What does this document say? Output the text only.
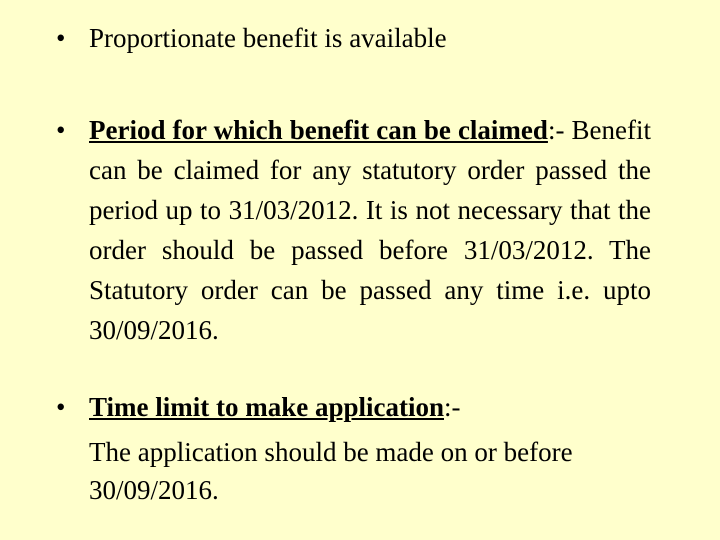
• Proportionate benefit is available
• Period for which benefit can be claimed:- Benefit can be claimed for any statutory order passed the period up to 31/03/2012. It is not necessary that the order should be passed before 31/03/2012. The Statutory order can be passed any time i.e. upto 30/09/2016.
• Time limit to make application:-
The application should be made on or before 30/09/2016.
